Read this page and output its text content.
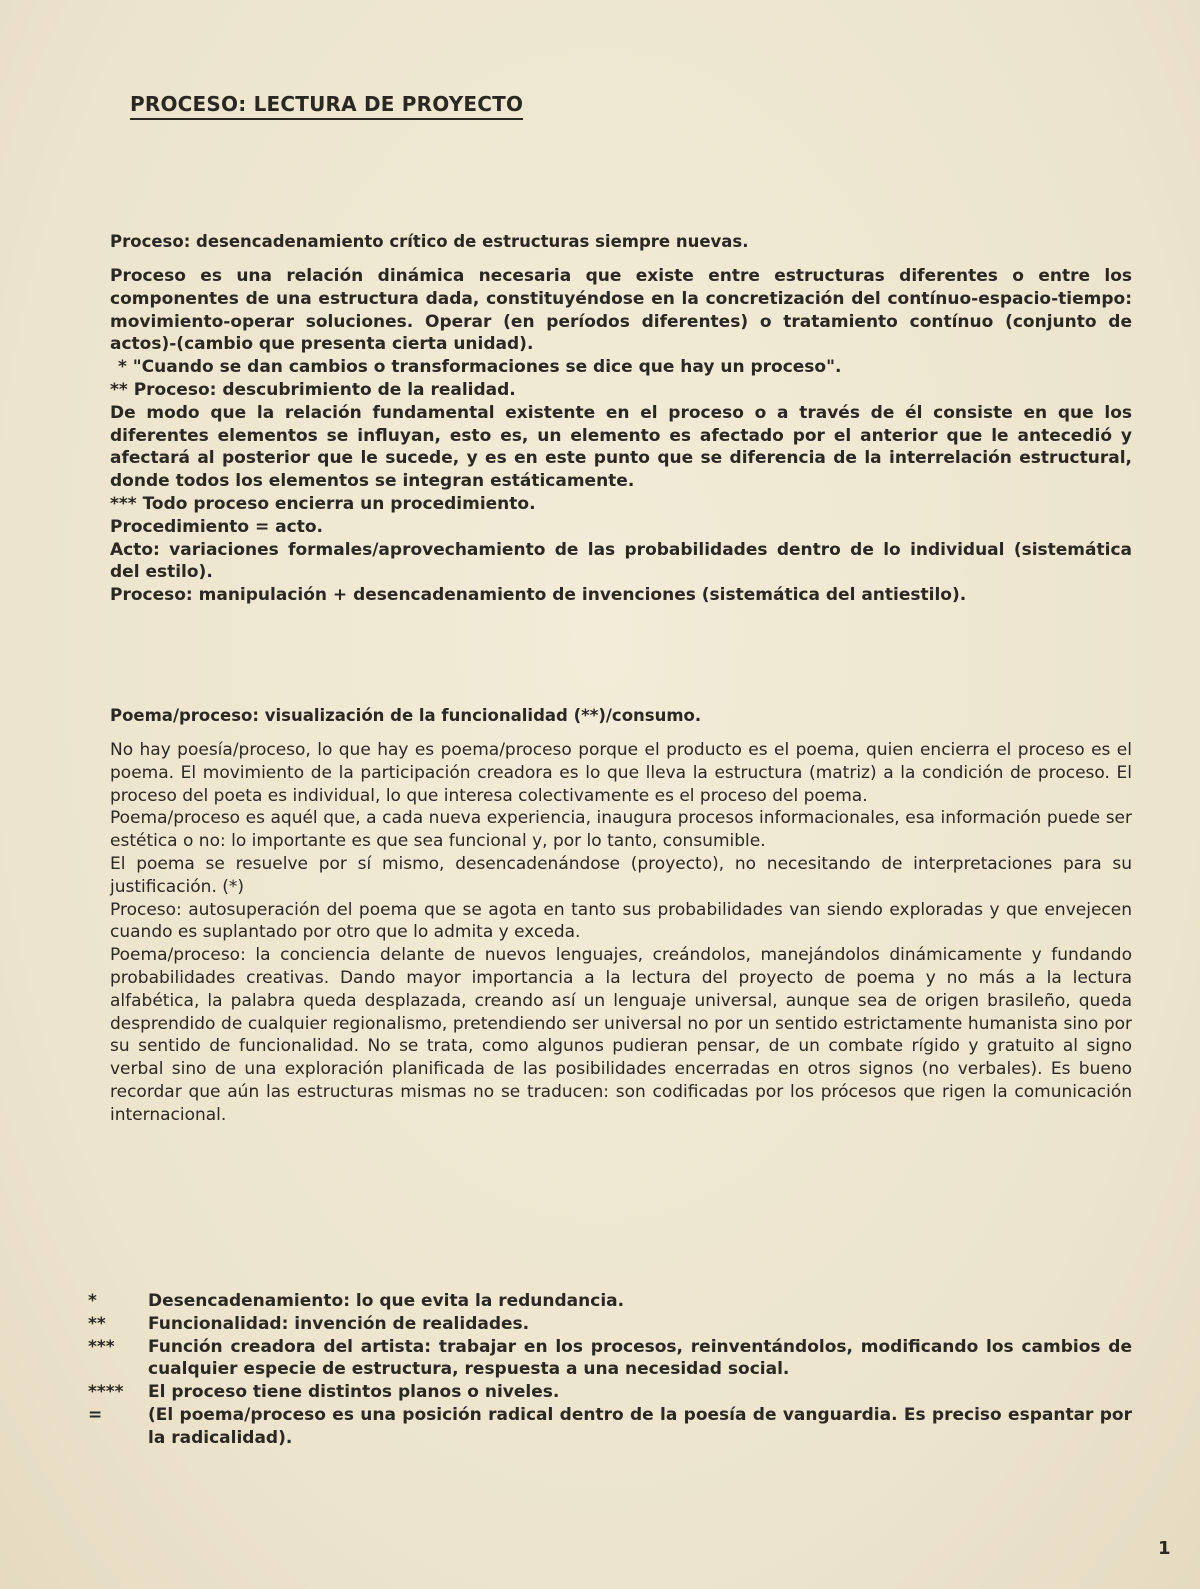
PROCESO: LECTURA DE PROYECTO
Proceso: desencadenamiento crítico de estructuras siempre nuevas.

Proceso es una relación dinámica necesaria que existe entre estructuras diferentes o entre los componentes de una estructura dada, constituyéndose en la concretización del contínuo-espacio-tiempo: movimiento-operar soluciones. Operar (en períodos diferentes) o tratamiento contínuo (conjunto de actos)-(cambio que presenta cierta unidad).

* "Cuando se dan cambios o transformaciones se dice que hay un proceso".

** Proceso: descubrimiento de la realidad.

De modo que la relación fundamental existente en el proceso o a través de él consiste en que los diferentes elementos se influyan, esto es, un elemento es afectado por el anterior que le antecedió y afectará al posterior que le sucede, y es en este punto que se diferencia de la interrelación estructural, donde todos los elementos se integran estáticamente.

*** Todo proceso encierra un procedimiento.

Procedimiento = acto.

Acto: variaciones formales/aprovechamiento de las probabilidades dentro de lo individual (sistemática del estilo).

Proceso: manipulación + desencadenamiento de invenciones (sistemática del antiestilo).

Poema/proceso: visualización de la funcionalidad (**)/consumo.

No hay poesía/proceso, lo que hay es poema/proceso porque el producto es el poema, quien encierra el proceso es el poema. El movimiento de la participación creadora es lo que lleva la estructura (matriz) a la condición de proceso. El proceso del poeta es individual, lo que interesa colectivamente es el proceso del poema.

Poema/proceso es aquél que, a cada nueva experiencia, inaugura procesos informacionales, esa información puede ser estética o no: lo importante es que sea funcional y, por lo tanto, consumible.

El poema se resuelve por sí mismo, desencadenándose (proyecto), no necesitando de interpretaciones para su justificación. (*)

Proceso: autosuperación del poema que se agota en tanto sus probabilidades van siendo exploradas y que envejecen cuando es suplantado por otro que lo admita y exceda.

Poema/proceso: la conciencia delante de nuevos lenguajes, creándolos, manejándolos dinámicamente y fundando probabilidades creativas. Dando mayor importancia a la lectura del proyecto de poema y no más a la lectura alfabética, la palabra queda desplazada, creando así un lenguaje universal, aunque sea de origen brasileño, queda desprendido de cualquier regionalismo, pretendiendo ser universal no por un sentido estrictamente humanista sino por su sentido de funcionalidad. No se trata, como algunos pudieran pensar, de un combate rígido y gratuito al signo verbal sino de una exploración planificada de las posibilidades encerradas en otros signos (no verbales). Es bueno recordar que aún las estructuras mismas no se traducen: son codificadas por los prócesos que rigen la comunicación internacional.

*	Desencadenamiento: lo que evita la redundancia.

** Funcionalidad: invención de realidades.

*** Función creadora del artista: trabajar en los procesos, reinventándolos, modificando los cambios de cualquier especie de estructura, respuesta a una necesidad social.

**** El proceso tiene distintos planos o niveles.

=	(El poema/proceso es una posición radical dentro de la poesía de vanguardia. Es preciso espantar por la radicalidad).

1
